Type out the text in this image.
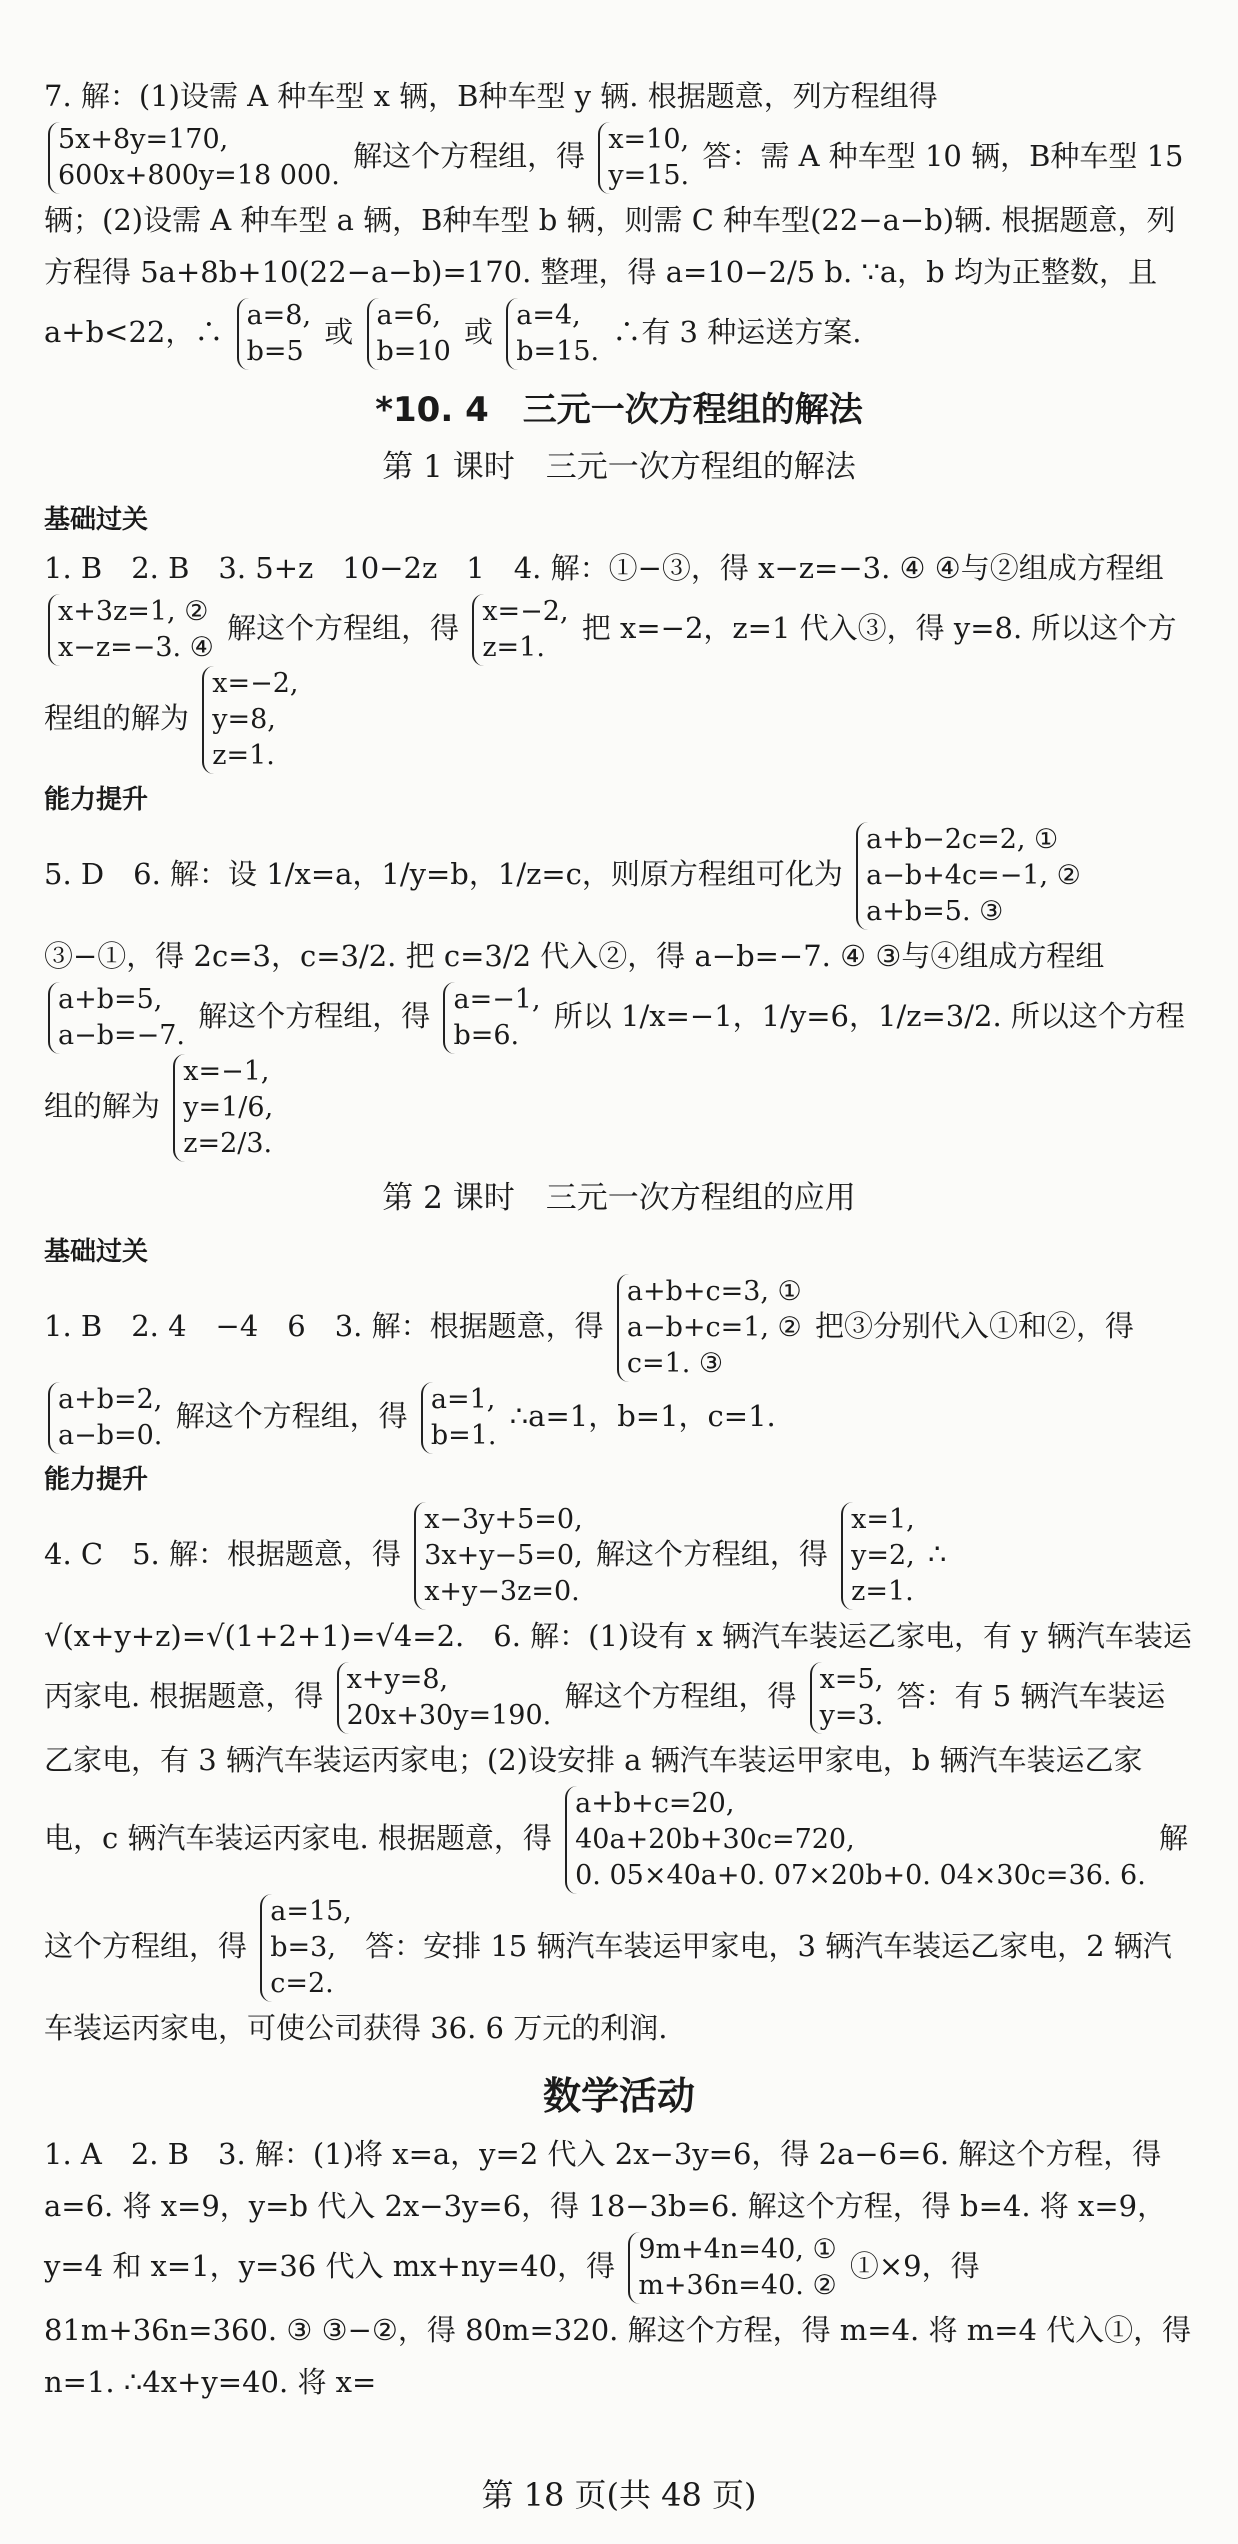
7. 解：(1)设需 A 种车型 x 辆，B种车型 y 辆. 根据题意，列方程组得
5x+8y=170,
600x+800y=18 000.
解这个方程组，得 x=10,
y=15.
答：需 A 种车型 10 辆，B种车型 15 辆；(2)设需 A 种车型 a 辆，B种车型 b 辆，则需 C 种车型(22−a−b)辆. 根据题意，列方程得 5a+8b+10(22−a−b)=170. 整理，得 a=10−2/5 b. ∵a，b 均为正整数，且 a+b<22，∴ a=8,
b=5
或 a=6,
b=10
或 a=4,
b=15.
∴有 3 种运送方案.

*10. 4　三元一次方程组的解法
第 1 课时　三元一次方程组的解法
基础过关

1. B　2. B　3. 5+z　10−2z　1　4. 解：①−③，得 x−z=−3. ④ ④与②组成方程组
x+3z=1, ②
x−z=−3. ④
解这个方程组，得 x=−2,
z=1.
把 x=−2，z=1 代入③，得 y=8. 所以这个方程组的解为
x=−2,
y=8,
z=1.

能力提升

5. D　6. 解：设 1/x=a，1/y=b，1/z=c，则原方程组可化为
a+b−2c=2, ①
a−b+4c=−1, ②
a+b=5. ③
③−①，得 2c=3，c=3/2. 把 c=3/2 代入②，得 a−b=−7. ④ ③与④组成方程组
a+b=5,
a−b=−7.
解这个方程组，得 a=−1,
b=6.
所以 1/x=−1，1/y=6，1/z=3/2. 所以这个方程组的解为
x=−1,
y=1/6,
z=2/3.

第 2 课时　三元一次方程组的应用
基础过关

1. B　2. 4　−4　6　3. 解：根据题意，得
a+b+c=3, ①
a−b+c=1, ②
c=1. ③
把③分别代入①和②，得
a+b=2,
a−b=0.
解这个方程组，得 a=1,
b=1.
∴a=1，b=1，c=1.

能力提升

4. C　5. 解：根据题意，得
x−3y+5=0,
3x+y−5=0,
x+y−3z=0.
解这个方程组，得
x=1,
y=2,
z=1.
∴ √(x+y+z)=√(1+2+1)=√4=2.　6. 解：(1)设有 x 辆汽车装运乙家电，有 y 辆汽车装运丙家电. 根据题意，得 x+y=8,
20x+30y=190.
解这个方程组，得 x=5,
y=3.
答：有 5 辆汽车装运乙家电，有 3 辆汽车装运丙家电；(2)设安排 a 辆汽车装运甲家电，b 辆汽车装运乙家电，c 辆汽车装运丙家电. 根据题意，得
a+b+c=20,
40a+20b+30c=720,
0. 05×40a+0. 07×20b+0. 04×30c=36. 6.
解这个方程组，得
a=15,
b=3,
c=2.
答：安排 15 辆汽车装运甲家电，3 辆汽车装运乙家电，2 辆汽车装运丙家电，可使公司获得 36. 6 万元的利润.

数学活动

1. A　2. B　3. 解：(1)将 x=a，y=2 代入 2x−3y=6，得 2a−6=6. 解这个方程，得 a=6. 将 x=9，y=b 代入 2x−3y=6，得 18−3b=6. 解这个方程，得 b=4. 将 x=9，y=4 和 x=1，y=36 代入 mx+ny=40，得 9m+4n=40, ①
m+36n=40. ②
①×9，得 81m+36n=360. ③ ③−②，得 80m=320. 解这个方程，得 m=4. 将 m=4 代入①，得 n=1. ∴4x+y=40. 将 x=

第 18 页(共 48 页)
